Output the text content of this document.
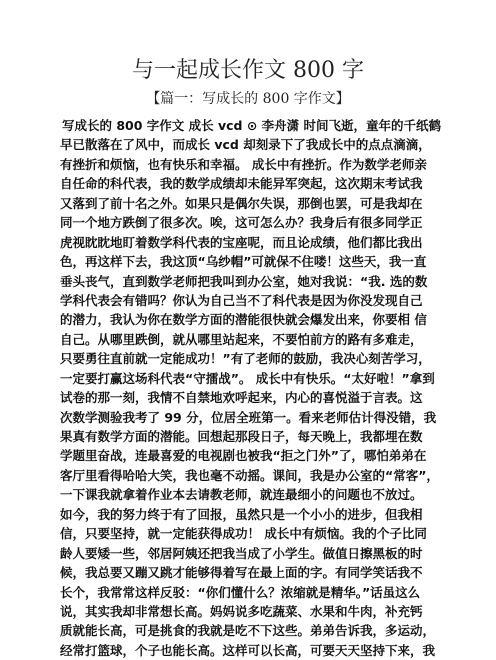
与一起成长作文 800 字
【篇一：写成长的 800 字作文】
写成长的 800 字作文 成长 vcd ⊙ 李舟潇 时间飞逝，童年的千纸鹤
早已散落在了风中，而成长 vcd 却刻录下了我成长中的点点滴滴，
有挫折和烦恼，也有快乐和幸福。 成长中有挫折。作为数学老师亲
自任命的科代表，我的数学成绩却未能异军突起，这次期末考试我
又落到了前十名之外。如果只是偶尔失误，那倒也罢，可是我却在
同一个地方跌倒了很多次。唉，这可怎么办？我身后有很多同学正
虎视眈眈地盯着数学科代表的宝座呢，而且论成绩，他们都比我出
色，再这样下去，我这顶“乌纱帽”可就保不住喽！这些天，我一直
垂头丧气，直到数学老师把我叫到办公室，她对我说：“我. 选的数
学科代表会有错吗？你认为自己当不了科代表是因为你没发现自己
的潜力，我认为你在数学方面的潜能很快就会爆发出来，你要相 信
自己。从哪里跌倒，就从哪里站起来，不要怕前方的路有多难走，
只要勇往直前就一定能成功！”有了老师的鼓励，我决心刻苦学习，
一定要打赢这场科代表“守擂战”。 成长中有快乐。“太好啦！”拿到
试卷的那一刻，我情不自禁地欢呼起来，内心的喜悦溢于言表。这
次数学测验我考了 99 分，位居全班第一。看来老师估计得没错，我
果真有数学方面的潜能。回想起那段日子，每天晚上，我都埋在数
学题里奋战，连最喜爱的电视剧也被我“拒之门外”了，哪怕弟弟在
客厅里看得哈哈大笑，我也毫不动摇。课间，我是办公室的“常客”，
一下课我就拿着作业本去请教老师，就连最细小的问题也不放过。
如今，我的努力终于有了回报，虽然只是一个小小的进步，但我相
信，只要坚持，就一定能获得成功！ 成长中有烦恼。我的个子比同
龄人要矮一些，邻居阿姨还把我当成了小学生。做值日擦黑板的时
候，我总要又蹦又跳才能够得着写在最上面的字。有同学笑话我不
长个，我常常这样反驳：“你们懂什么？浓缩就是精华。”话虽这么
说，其实我却非常想长高。妈妈说多吃蔬菜、水果和牛肉，补充钙
质就能长高，可是挑食的我就是吃不下这些。弟弟告诉我，多运动，
经常打篮球，个子也能长高。这样可以长高，可要天天坚持下来，我
